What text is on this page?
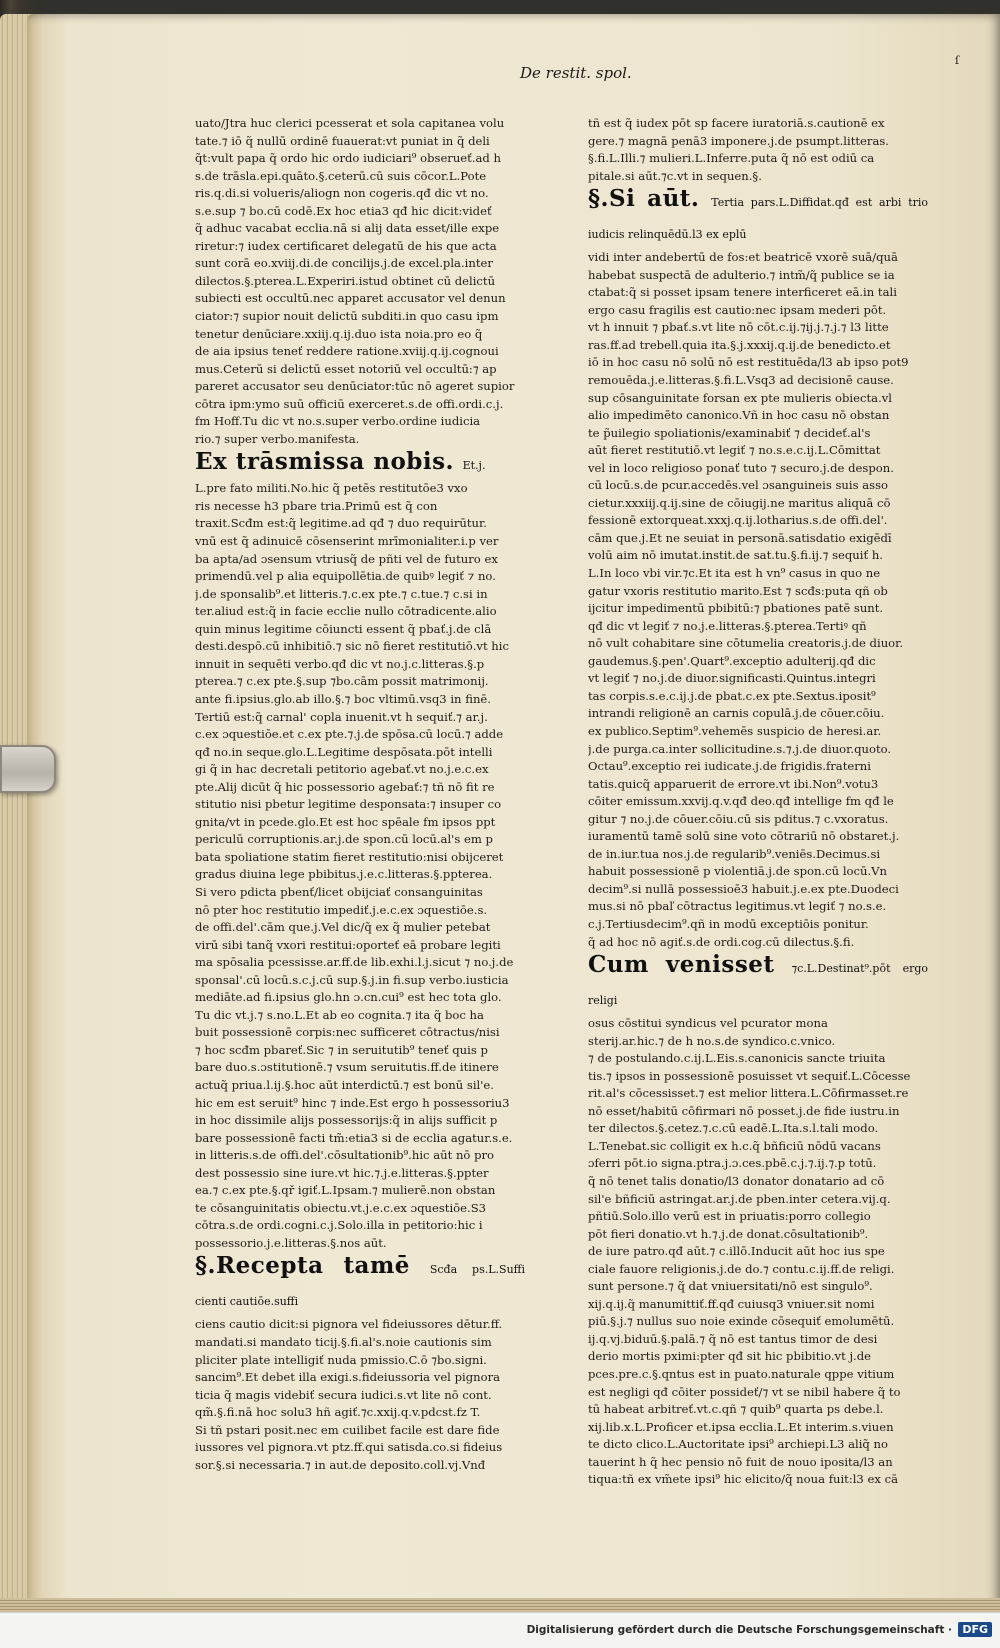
De restit. spol.
ſ
uato/Jtra huc clerici pcesserat et sola capitanea volu
tate.⁊ iō q̃ nullū ordinē fuauerat:vt puniat in q̃ deli
q̃t:vult papa q̃ ordo hic ordo iudiciari⁹ obserueť.ad h
s.de trāsla.epi.quāto.§.ceterū.cū suis cōcor.L.Pote
ris.q.di.si volueris/aliogn non cogeris.qđ dic vt no.
s.e.sup ⁊ bo.cū codē.Ex hoc etia3 qđ hic dicit:videť
q̃ adhuc vacabat ecclia.nā si alij data esset/ille expe
riretur:⁊ iudex certificaret delegatū de his que acta
sunt corā eo.xviij.di.de concilijs.j.de excel.pla.inter
dilectos.§.pterea.L.Experiri.istud obtinet cū delictū
subiecti est occultū.nec apparet accusator vel denun
ciator:⁊ supior nouit delictū subditi.in quo casu ipm
tenetur denūciare.xxiij.q.ij.duo ista noia.pro eo q̃
de aia ipsius teneť reddere ratione.xviij.q.ij.cognoui
mus.Ceterū si delictū esset notoriū vel occultū:⁊ ap
pareret accusator seu denūciator:tūc nō ageret supior
cōtra ipm:ymo suū officiū exerceret.s.de offi.ordi.c.j.
fm Hoff.Tu dic vt no.s.super verbo.ordine iudicia
rio.⁊ super verbo.manifesta.
Ex trāsmissa nobis. Et.j.
L.pre fato militi.No.hic q̃ petēs restitutōe3 vxo
ris necesse h3 pbare tria.Primū est q̃ con
traxit.Scđm est:q̃ legitime.ad qđ ⁊ duo requirūtur.
vnū est q̃ adinuicē cōsenserint mrīmonialiter.i.p ver
ba apta/ad ɔsensum vtriusq̃ de pñti vel de futuro ex
primendū.vel p alia equipollētia.de quibꝰ legiť ⁊ no.
j.de sponsalib⁹.et litteris.⁊.c.ex pte.⁊ c.tue.⁊ c.si in
ter.aliud est:q̃ in facie ecclie nullo cōtradicente.alio
quin minus legitime cōiuncti essent q̃ pbať.j.de clā
desti.despō.cū inhibitiō.⁊ sic nō fieret restitutiō.vt hic
innuit in sequēti verbo.qđ dic vt no.j.c.litteras.§.p
pterea.⁊ c.ex pte.§.sup ⁊bo.cām possit matrimonij.
ante fi.ipsius.glo.ab illo.§.⁊ boc vltimū.vsq3 in finē.
Tertiū est:q̃ carnal' copla inuenit.vt h sequiť.⁊ ar.j.
c.ex ɔquestiōe.et c.ex pte.⁊.j.de spōsa.cū locū.⁊ adde
qđ no.in seque.glo.L.Legitime despōsata.pōt intelli
gi q̃ in hac decretali petitorio agebať.vt no.j.e.c.ex
pte.Alij dicūt q̃ hic possessorio agebať:⁊ tñ nō fit re
stitutio nisi pbetur legitime desponsata:⁊ insuper co
gnita/vt in pcede.glo.Et est hoc spēale fm ipsos ppt
periculū corruptionis.ar.j.de spon.cū locū.al's em p
bata spoliatione statim fieret restitutio:nisi obijceret
gradus diuina lege pbibitus.j.e.c.litteras.§.ppterea.
Si vero pdicta pbenť/licet obijciať consanguinitas
nō pter hoc restitutio impediť.j.e.c.ex ɔquestiōe.s.
de offi.del'.cām que.j.Vel dic/q̃ ex q̃ mulier petebat
virū sibi tanq̃ vxori restitui:oporteť eā probare legiti
ma spōsalia pcessisse.ar.ff.de lib.exhi.l.j.sicut ⁊ no.j.de
sponsal'.cū locū.s.c.j.cū sup.§.j.in fi.sup verbo.iusticia
mediāte.ad fi.ipsius glo.hn ɔ.cn.cui⁹ est hec tota glo.
Tu dic vt.j.⁊ s.no.L.Et ab eo cognita.⁊ ita q̃ boc ha
buit possessionē corpis:nec sufficeret cōtractus/nisi
⁊ hoc scđm pbareť.Sic ⁊ in seruitutib⁹ teneť quis p
bare duo.s.ɔstitutionē.⁊ vsum seruitutis.ff.de itinere
actuq̃ priua.l.ij.§.hoc aūt interdictū.⁊ est bonū sil'e.
hic em est seruit⁹ hinc ⁊ inde.Est ergo h possessoriu3
in hoc dissimile alijs possessorijs:q̃ in alijs sufficit p
bare possessionē facti tm̃:etia3 si de ecclia agatur.s.e.
in litteris.s.de offi.del'.cōsultationib⁹.hic aūt nō pro
dest possessio sine iure.vt hic.⁊.j.e.litteras.§.ppter
ea.⁊ c.ex pte.§.qř igiť.L.Ipsam.⁊ mulierē.non obstan
te cōsanguinitatis obiectu.vt.j.e.c.ex ɔquestiōe.S3
cōtra.s.de ordi.cogni.c.j.Solo.illa in petitorio:hic i
possessorio.j.e.litteras.§.nos aūt.
§.Recepta tamē Scđa ps.L.Suffi cienti cautiōe.suffi
ciens cautio dicit:si pignora vel fideiussores dētur.ff.
mandati.si mandato ticij.§.fi.al's.noie cautionis sim
pliciter plate intelligiť nuda pmissio.C.ō ⁊bo.signi.
sancim⁹.Et debet illa exigi.s.fideiussoria vel pignora
ticia q̃ magis videbiť secura iudici.s.vt lite nō cont.
qm̃.§.fi.nā hoc solu3 hñ agiť.⁊c.xxij.q.v.pdcst.fz T.
Si tñ pstari posit.nec em cuilibet facile est dare fide
iussores vel pignora.vt ptz.ff.qui satisda.co.si fideius
sor.§.si necessaria.⁊ in aut.de deposito.coll.vj.Vnđ
tñ est q̃ iudex pōt sp facere iuratoriā.s.cautionē ex
gere.⁊ magnā penā3 imponere.j.de psumpt.litteras.
§.fi.L.Illi.⁊ mulieri.L.Inferre.puta q̃ nō est odiū ca
pitale.si aūt.⁊c.vt in sequen.§.
§.Si aūt. Tertia pars.L.Diffidat.qđ est arbi trio iudicis relinquēdū.l3 ex eplū
vidi inter andebertū de fos:et beatricē vxorē suā/quā
habebat suspectā de adulterio.⁊ intm̃/q̃ publice se ia
ctabat:q̃ si posset ipsam tenere interficeret eā.in tali
ergo casu fragilis est cautio:nec ipsam mederi pōt.
vt h innuit ⁊ pbať.s.vt lite nō cōt.c.ij.⁊ij.j.⁊.j.⁊ l3 litte
ras.ff.ad trebell.quia ita.§.j.xxxij.q.ij.de benedicto.et
iō in hoc casu nō solū nō est restituēda/l3 ab ipso pot9
remouēda.j.e.litteras.§.fi.L.Vsq3 ad decisionē cause.
sup cōsanguinitate forsan ex pte mulieris obiecta.vl
alio impedimēto canonico.Vñ in hoc casu nō obstan
te p̃uilegio spoliationis/examinabiť ⁊ decideť.al's
aūt fieret restitutiō.vt legiť ⁊ no.s.e.c.ij.L.Cōmittat
vel in loco religioso ponať tuto ⁊ securo.j.de despon.
cū locū.s.de pcur.accedēs.vel ɔsanguineis suis asso
cietur.xxxiij.q.ij.sine de cōiugij.ne maritus aliquā cō
fessionē extorqueat.xxxj.q.ij.lotharius.s.de offi.del'.
cām que.j.Et ne seuiat in personā.satisdatio exigēdī
volū aim nō imutat.instit.de sat.tu.§.fi.ij.⁊ sequiť h.
L.In loco vbi vir.⁊c.Et ita est h vn⁹ casus in quo ne
gatur vxoris restitutio marito.Est ⁊ scđs:puta qñ ob
ijcitur impedimentū pbibitū:⁊ pbationes patē sunt.
qđ dic vt legiť ⁊ no.j.e.litteras.§.pterea.Tertiꝰ qñ
nō vult cohabitare sine cōtumelia creatoris.j.de diuor.
gaudemus.§.pen'.Quart⁹.exceptio adulterij.qđ dic
vt legiť ⁊ no.j.de diuor.significasti.Quintus.integri
tas corpis.s.e.c.ij.j.de pbat.c.ex pte.Sextus.iposit⁹
intrandi religionē an carnis copulā.j.de cōuer.cōiu.
ex publico.Septim⁹.vehemēs suspicio de heresi.ar.
j.de purga.ca.inter sollicitudine.s.⁊.j.de diuor.quoto.
Octau⁹.exceptio rei iudicate.j.de frigidis.fraterni
tatis.quicq̃ apparuerit de errore.vt ibi.Non⁹.votu3
cōiter emissum.xxvij.q.v.qđ deo.qđ intellige fm qđ le
gitur ⁊ no.j.de cōuer.cōiu.cū sis pditus.⁊ c.vxoratus.
iuramentū tamē solū sine voto cōtrariū nō obstaret.j.
de in.iur.tua nos.j.de regularib⁹.veniēs.Decimus.si
habuit possessionē p violentiā.j.de spon.cū locū.Vn
decim⁹.si nullā possessioē3 habuit.j.e.ex pte.Duodeci
mus.si nō pbaľ cōtractus legitimus.vt legiť ⁊ no.s.e.
c.j.Tertiusdecim⁹.qñ in modū exceptiōis ponitur.
q̃ ad hoc nō agiť.s.de ordi.cog.cū dilectus.§.fi.
Cum venisset ⁊c.L.Destinat⁹.pōt ergo religi
osus cōstitui syndicus vel pcurator mona
sterij.ar.hic.⁊ de h no.s.de syndico.c.vnico.
⁊ de postulando.c.ij.L.Eis.s.canonicis sancte triuita
tis.⁊ ipsos in possessionē posuisset vt sequiť.L.Cōcesse
rit.al's cōcessisset.⁊ est melior littera.L.Cōfirmasset.re
nō esset/habitū cōfirmari nō posset.j.de fide iustru.in
ter dilectos.§.cetez.⁊.c.cū eadē.L.Ita.s.l.tali modo.
L.Tenebat.sic colligit ex h.c.q̃ bñficiū nōdū vacans
ɔferri pōt.io signa.ptra.j.ɔ.ces.pbē.c.j.⁊.ij.⁊.p totū.
q̃ nō tenet talis donatio/l3 donator donatario ad cō
sil'e bñficiū astringat.ar.j.de pben.inter cetera.vij.q.
pñtiū.Solo.illo verū est in priuatis:porro collegio
pōt fieri donatio.vt h.⁊.j.de donat.cōsultationib⁹.
de iure patro.qđ aūt.⁊ c.illō.Inducit aūt hoc ius spe
ciale fauore religionis.j.de do.⁊ contu.c.ij.ff.de religi.
sunt persone.⁊ q̃ dat vniuersitati/nō est singulo⁹.
xij.q.ij.q̃ manumittiť.ff.qđ cuiusq3 vniuer.sit nomi
piū.§.j.⁊ nullus suo noie exinde cōsequiť emolumētū.
ij.q.vj.biduū.§.palā.⁊ q̃ nō est tantus timor de desi
derio mortis pximi:pter qđ sit hic pbibitio.vt j.de
pces.pre.c.§.qntus est in puato.naturale qppe vitium
est negligi qđ cōiter possideť/⁊ vt se nibil habere q̃ to
tū habeat arbitreť.vt.c.qñ ⁊ quib⁹ quarta ps debe.l.
xij.lib.x.L.Proficer et.ipsa ecclia.L.Et interim.s.viuen
te dicto clico.L.Auctoritate ipsi⁹ archiepi.L3 aliq̃ no
tauerint h q̃ hec pensio nō fuit de nouo iposita/l3 an
tiqua:tñ ex vm̃ete ipsi⁹ hic elicito/q̃ noua fuit:l3 ex cā
Digitalisierung gefördert durch die Deutsche Forschungsgemeinschaft · DFG
